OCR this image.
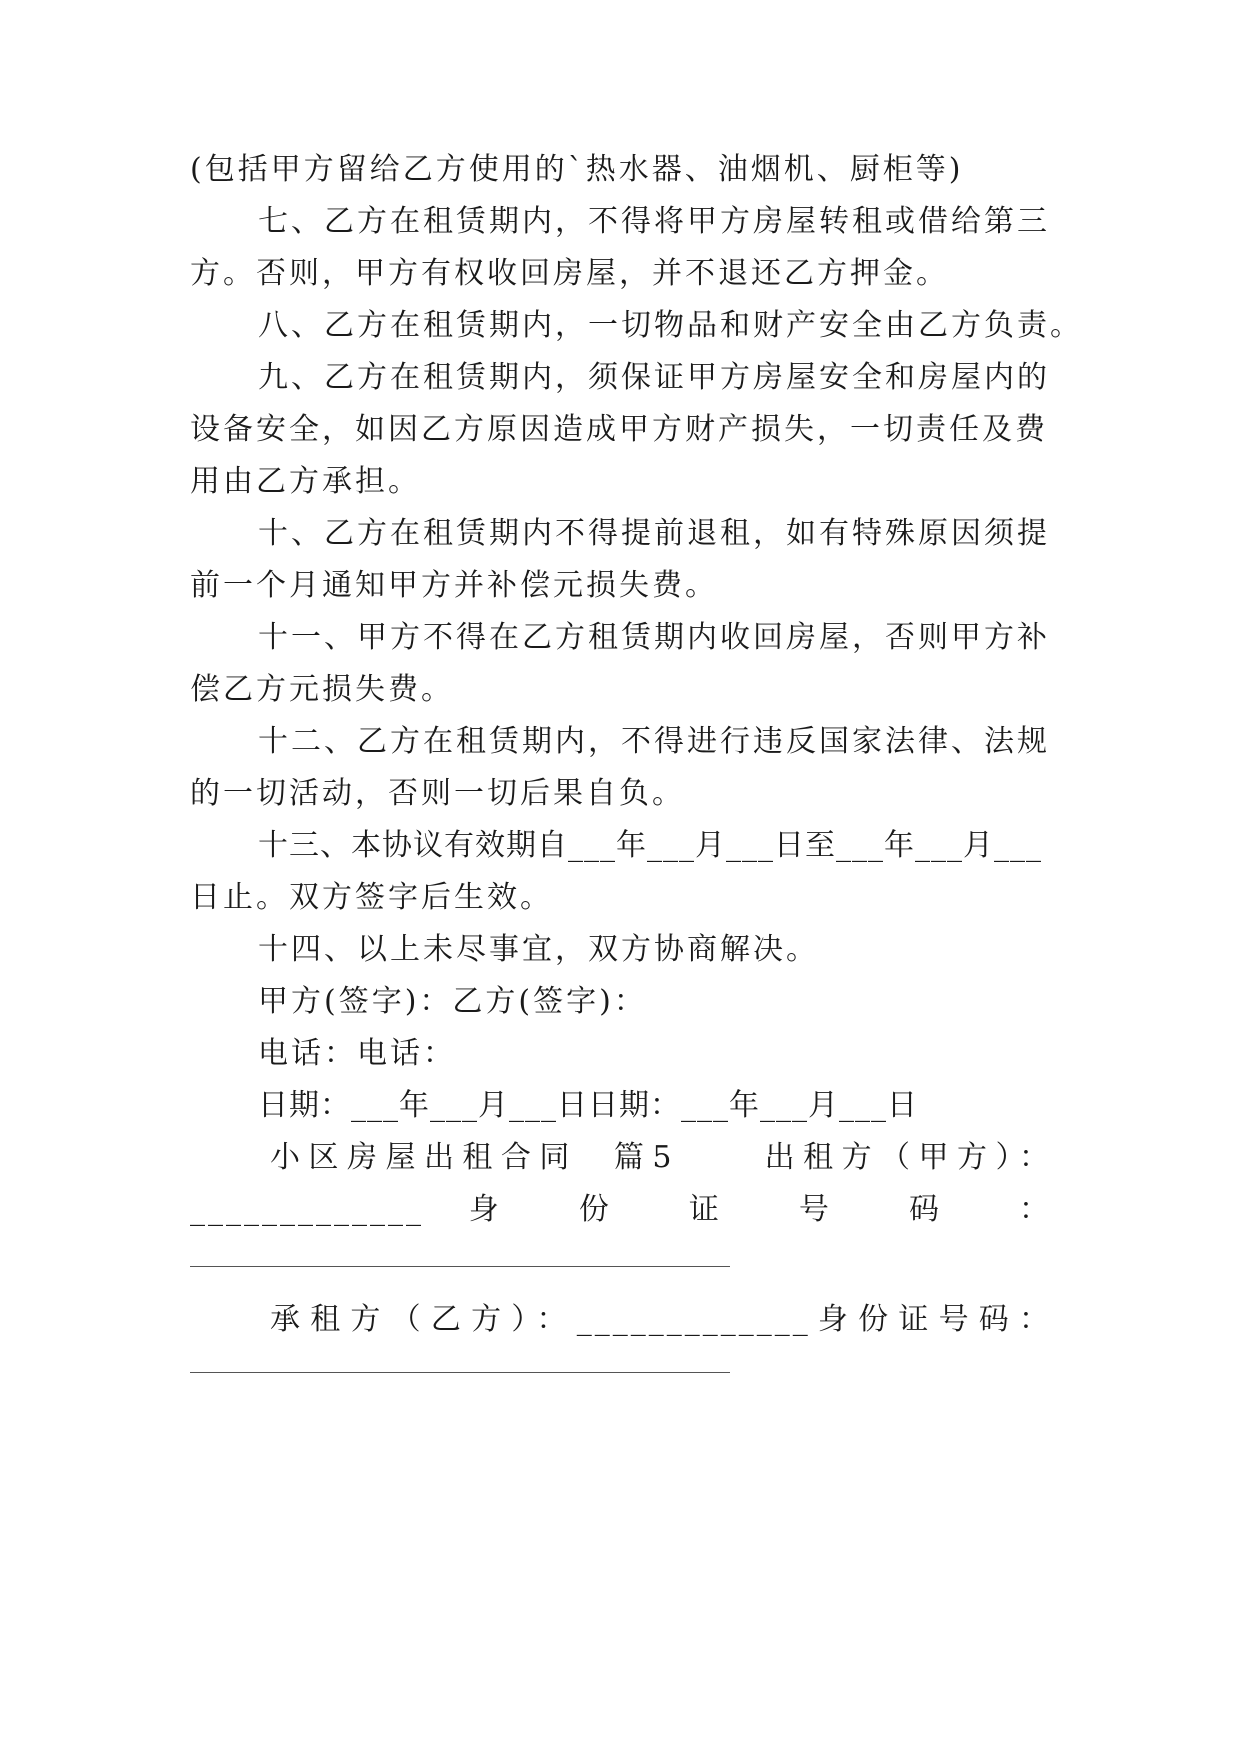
(包括甲方留给乙方使用的`热水器、油烟机、厨柜等)

七、乙方在租赁期内，不得将甲方房屋转租或借给第三

方。否则，甲方有权收回房屋，并不退还乙方押金。

八、乙方在租赁期内，一切物品和财产安全由乙方负责。

九、乙方在租赁期内，须保证甲方房屋安全和房屋内的

设备安全，如因乙方原因造成甲方财产损失，一切责任及费

用由乙方承担。

十、乙方在租赁期内不得提前退租，如有特殊原因须提

前一个月通知甲方并补偿元损失费。

十一、甲方不得在乙方租赁期内收回房屋，否则甲方补

偿乙方元损失费。

十二、乙方在租赁期内，不得进行违反国家法律、法规

的一切活动，否则一切后果自负。

十三、本协议有效期自___年___月___日至___年___月___

日止。双方签字后生效。

十四、以上未尽事宜，双方协商解决。

甲方(签字)：乙方(签字)：

电话：电话：

日期：___年___月___日日期：___年___月___日

小区房屋出租合同  篇5     出租方（甲方）：

_____________ 身 份 证 号 码 ：

承租方（乙方）：_____________身份证号码：
